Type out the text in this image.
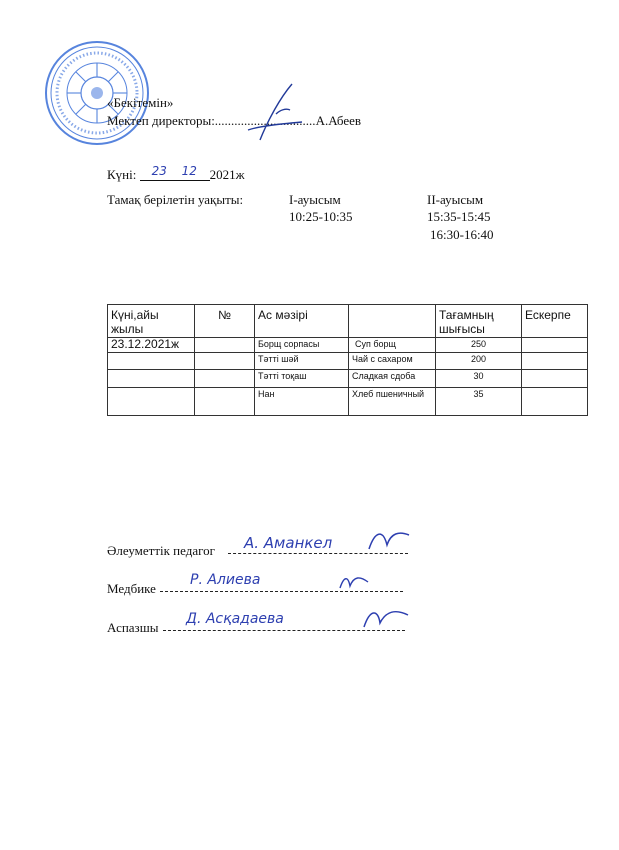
«Бекітемін»
Мектеп директоры:...............................А.Абеев
Күні: 23 12 2021ж
Тамақ берілетін уақыты:	I-ауысым
10:25-10:35
II-ауысым
15:35-15:45
16:30-16:40
Күні,айы жылы	№	Ас мәзірі		Тағамның шығысы	Ескерпе
23.12.2021ж		Борщ сорпасы	Суп борщ	250	
		Тәтті шәй	Чай с сахаром	200	
		Тәтті тоқаш	Сладкая сдоба	30	
		Нан	Хлеб пшеничный	35	
Әлеуметтік педагог А. Аманкел
Медбике
Р. Алиева
Аспазшы
Д. Асқадаева
